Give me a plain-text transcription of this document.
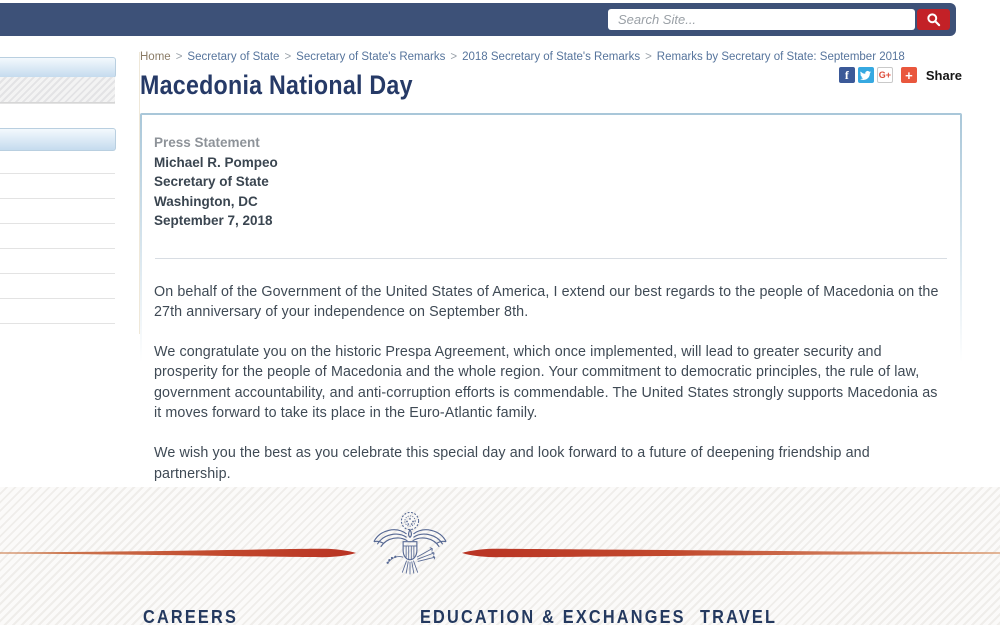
Search Site...
Home > Secretary of State > Secretary of State's Remarks > 2018 Secretary of State's Remarks > Remarks by Secretary of State: September 2018
Macedonia National Day	f	G+	+	Share
Press Statement
Michael R. Pompeo
Secretary of State
Washington, DC
September 7, 2018

On behalf of the Government of the United States of America, I extend our best regards to the people of Macedonia on the 27th anniversary of your independence on September 8th.

We congratulate you on the historic Prespa Agreement, which once implemented, will lead to greater security and prosperity for the people of Macedonia and the whole region. Your commitment to democratic principles, the rule of law, government accountability, and anti-corruption efforts is commendable. The United States strongly supports Macedonia as it moves forward to take its place in the Euro-Atlantic family.

We wish you the best as you celebrate this special day and look forward to a future of deepening friendship and partnership.

CAREERS	EDUCATION & EXCHANGES TRAVEL
